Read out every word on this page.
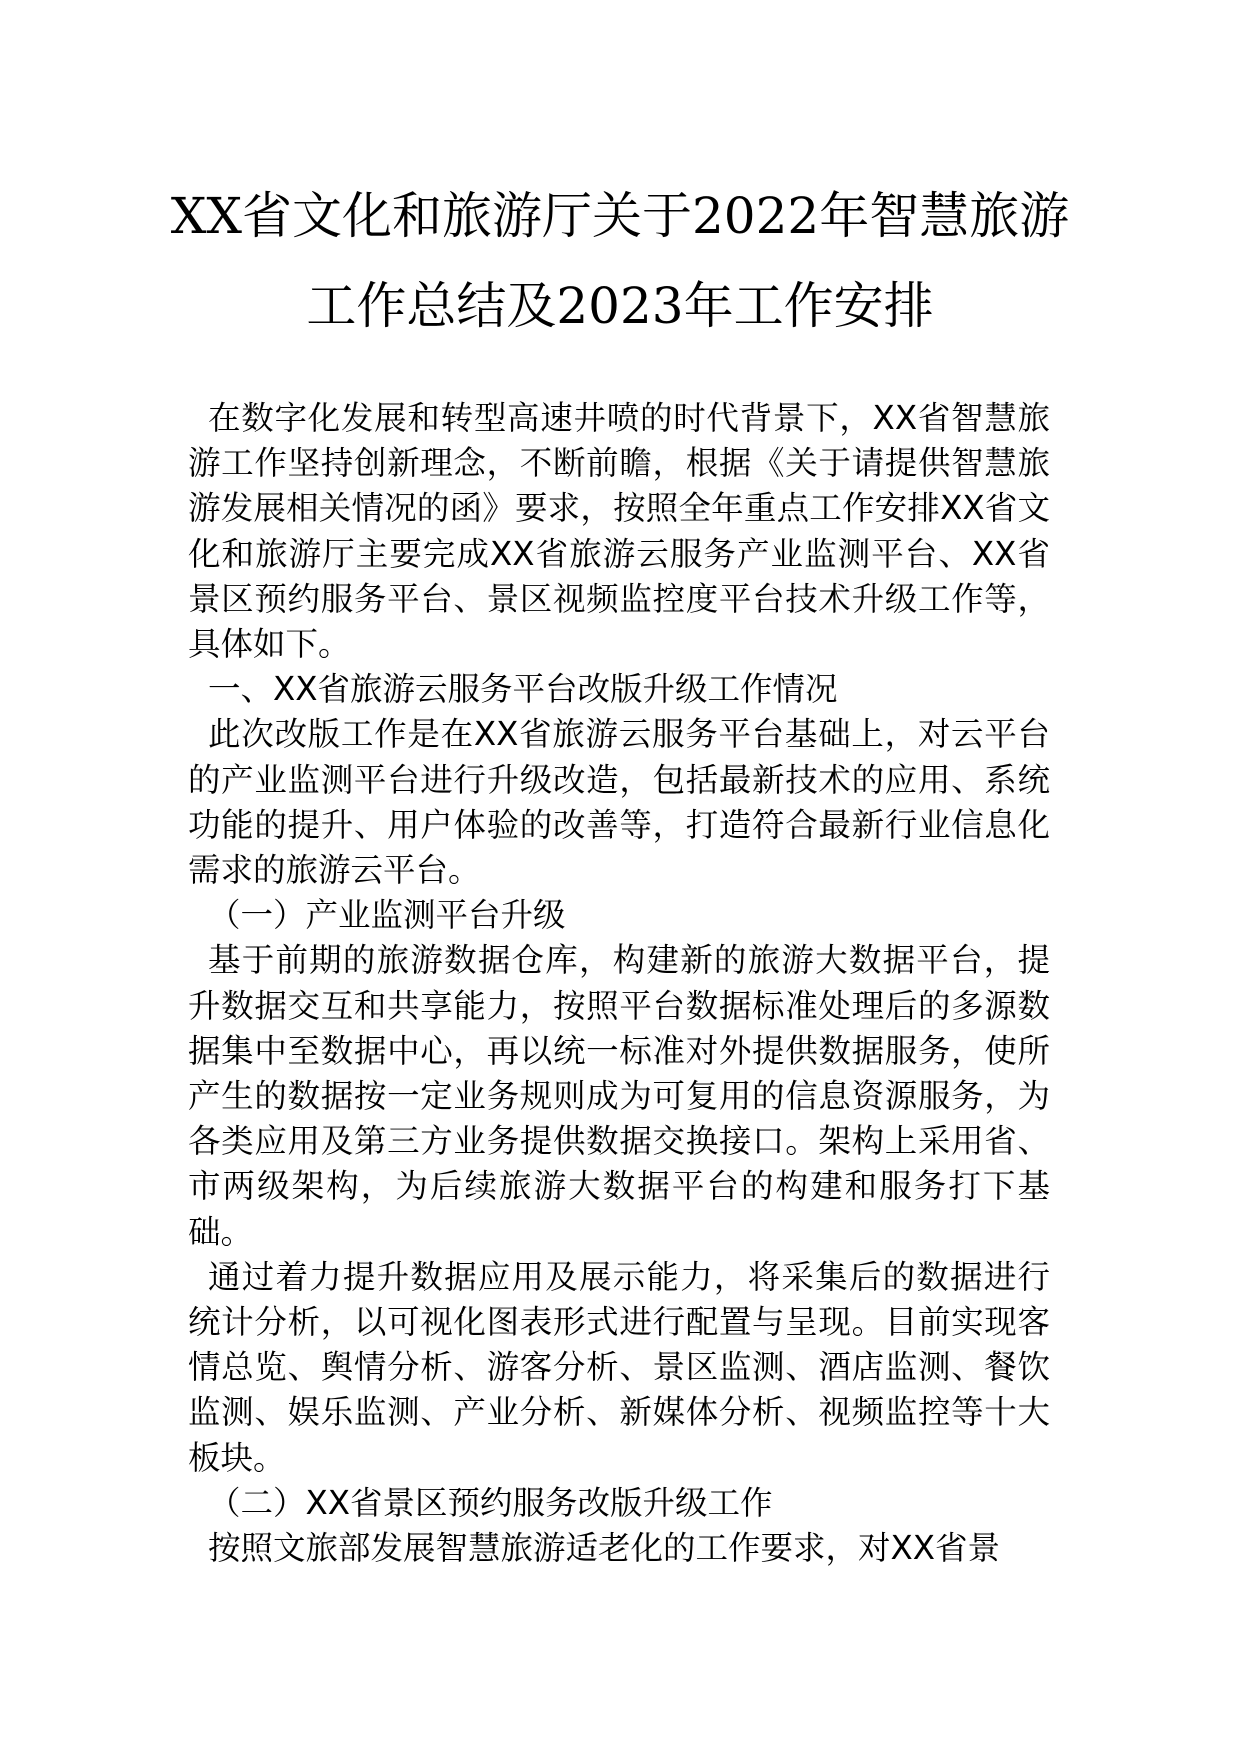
XX省文化和旅游厅关于2022年智慧旅游
工作总结及2023年工作安排

在数字化发展和转型高速井喷的时代背景下，XX省智慧旅游工作坚持创新理念，不断前瞻，根据《关于请提供智慧旅游发展相关情况的函》要求，按照全年重点工作安排XX省文化和旅游厅主要完成XX省旅游云服务产业监测平台、XX省景区预约服务平台、景区视频监控度平台技术升级工作等，具体如下。

一、XX省旅游云服务平台改版升级工作情况

此次改版工作是在XX省旅游云服务平台基础上，对云平台的产业监测平台进行升级改造，包括最新技术的应用、系统功能的提升、用户体验的改善等，打造符合最新行业信息化需求的旅游云平台。

（一）产业监测平台升级

基于前期的旅游数据仓库，构建新的旅游大数据平台，提升数据交互和共享能力，按照平台数据标准处理后的多源数据集中至数据中心，再以统一标准对外提供数据服务，使所产生的数据按一定业务规则成为可复用的信息资源服务，为各类应用及第三方业务提供数据交换接口。架构上采用省、市两级架构，为后续旅游大数据平台的构建和服务打下基础。

通过着力提升数据应用及展示能力，将采集后的数据进行统计分析，以可视化图表形式进行配置与呈现。目前实现客情总览、舆情分析、游客分析、景区监测、酒店监测、餐饮监测、娱乐监测、产业分析、新媒体分析、视频监控等十大板块。

（二）XX省景区预约服务改版升级工作

按照文旅部发展智慧旅游适老化的工作要求，对XX省景
